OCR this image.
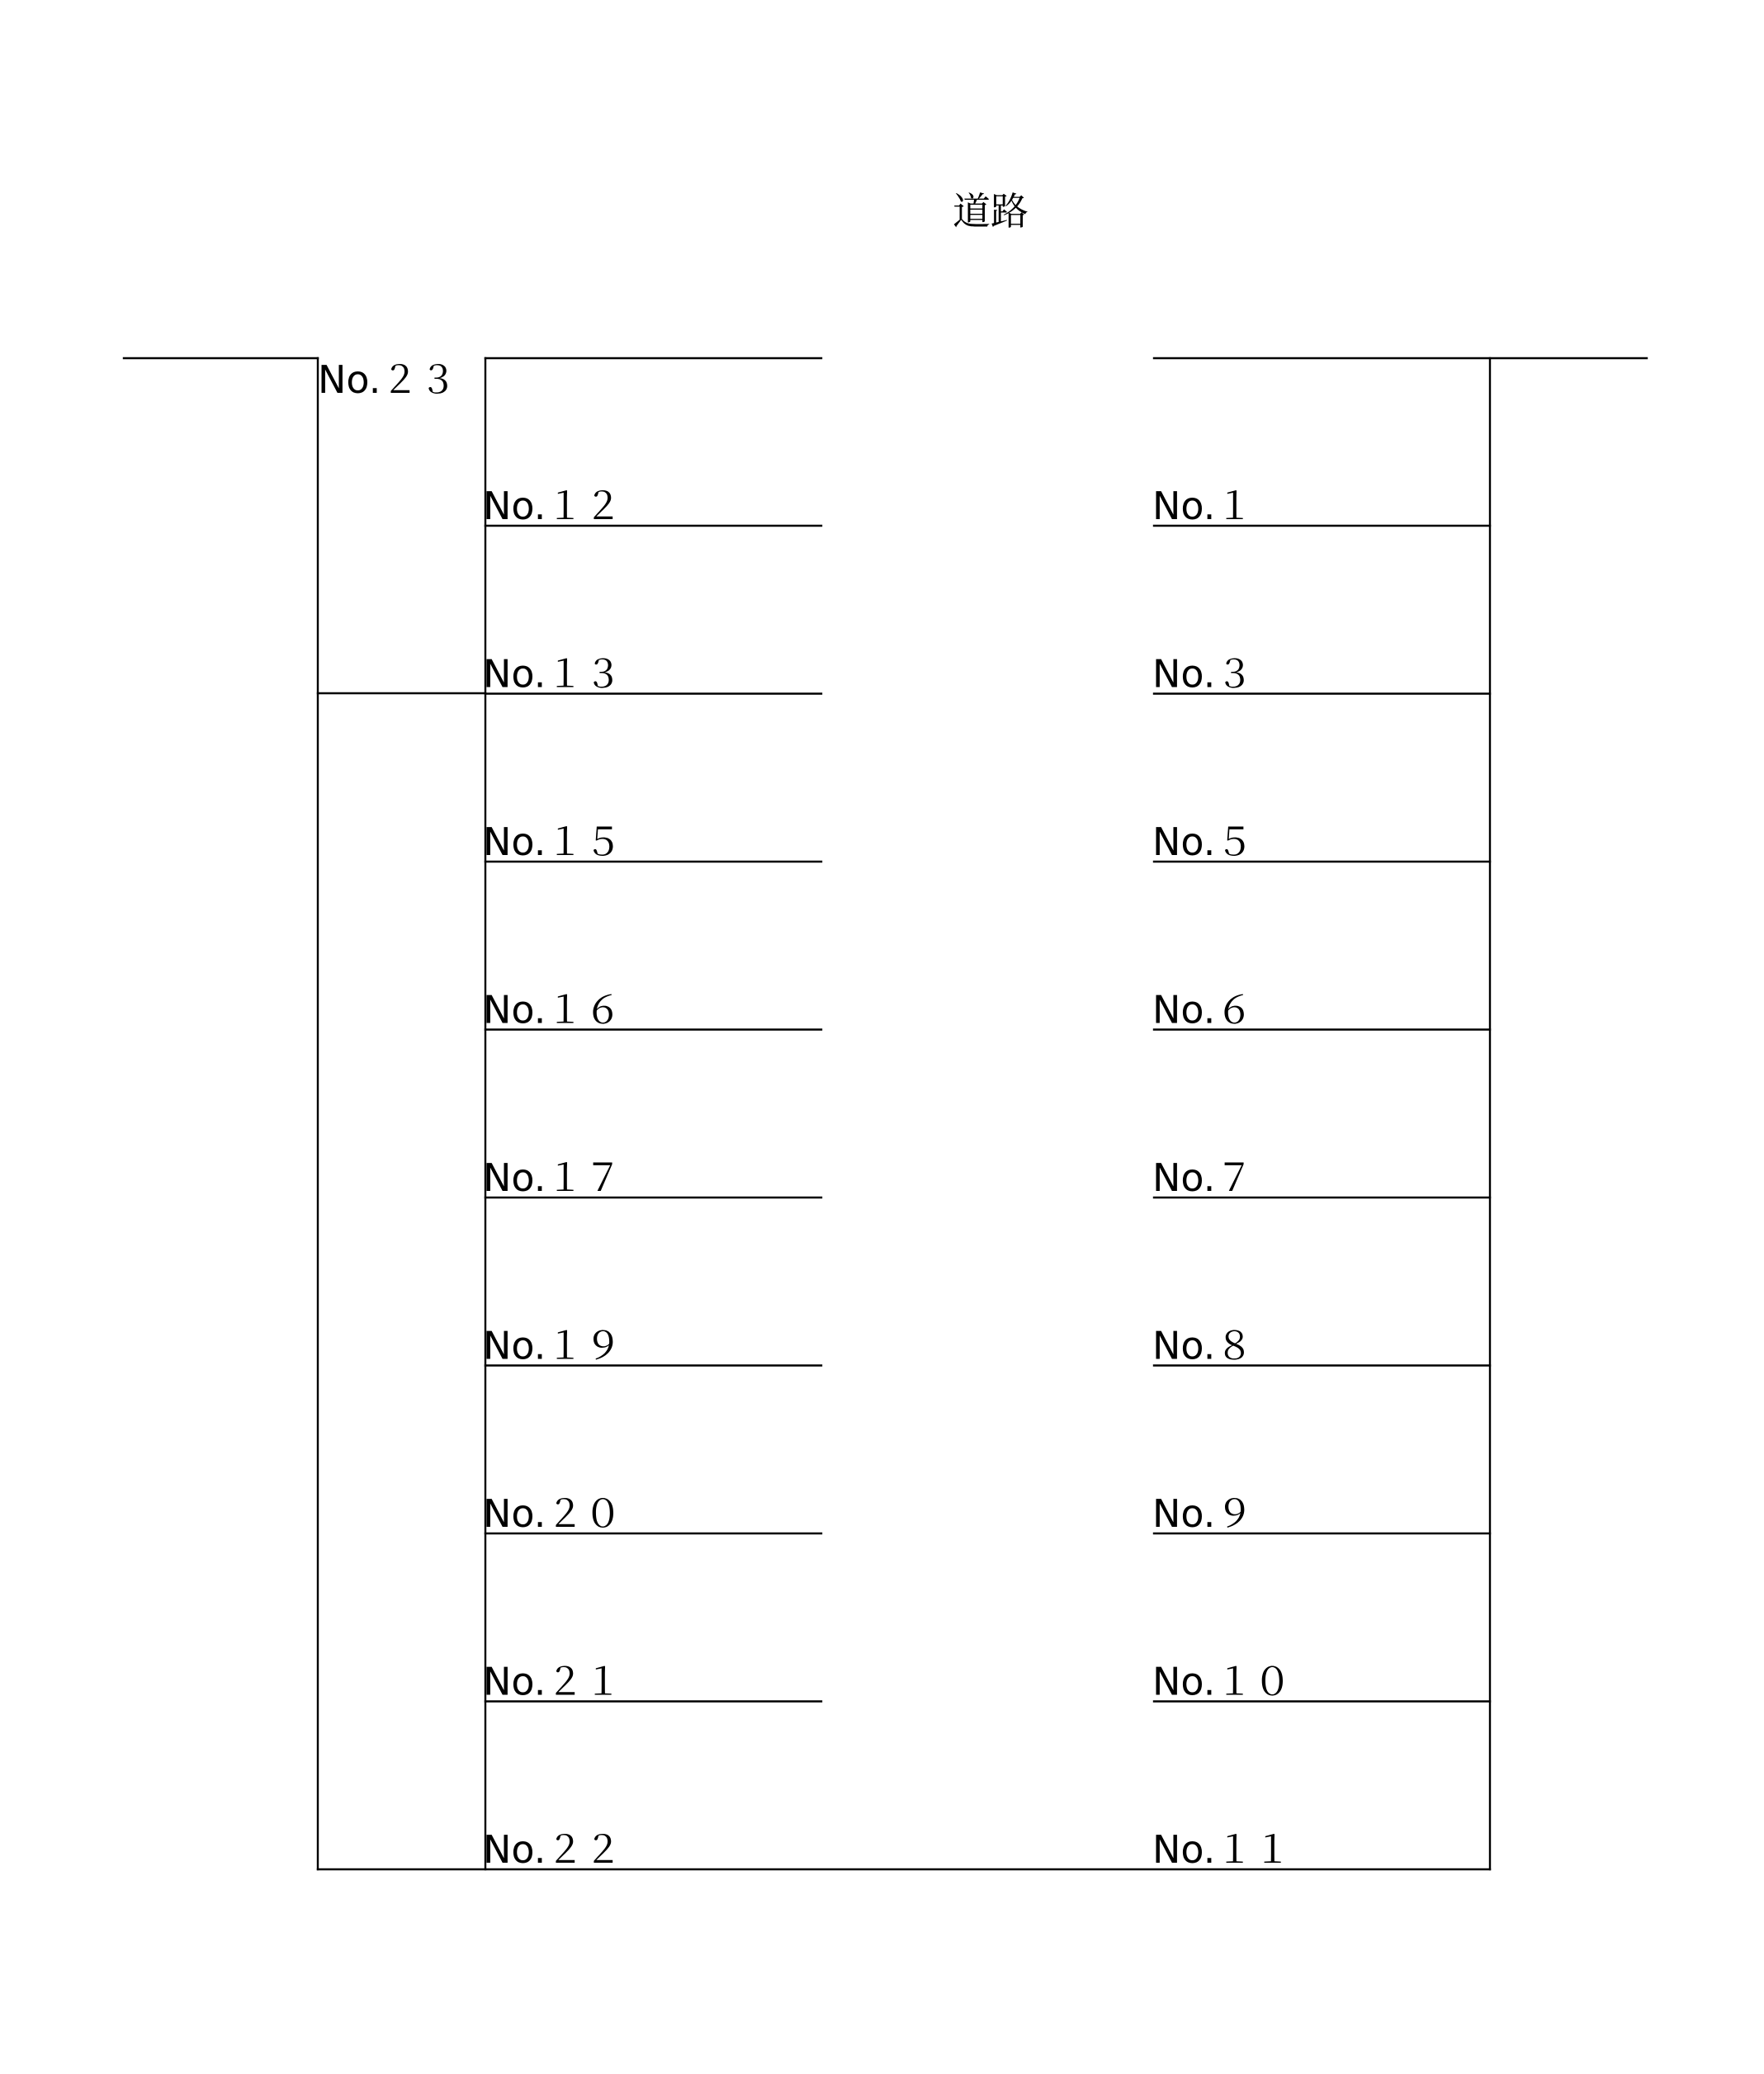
道路
No.２３
No.１２
No.１３
No.１５
No.１６
No.１７
No.１９
No.２０
No.２１
No.２２
No.１
No.３
No.５
No.６
No.７
No.８
No.９
No.１０
No.１１
